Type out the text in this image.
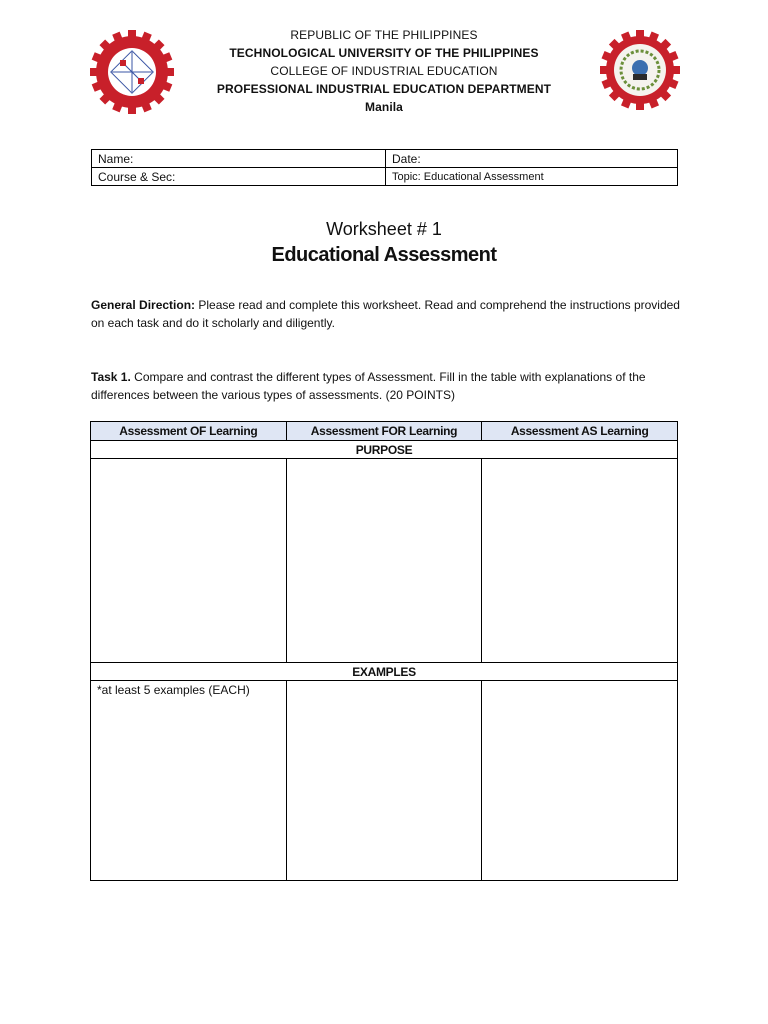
REPUBLIC OF THE PHILIPPINES
TECHNOLOGICAL UNIVERSITY OF THE PHILIPPINES
COLLEGE OF INDUSTRIAL EDUCATION
PROFESSIONAL INDUSTRIAL EDUCATION DEPARTMENT
Manila
Name:	Date:
Course & Sec:	Topic: Educational Assessment
Worksheet # 1
Educational Assessment
General Direction: Please read and complete this worksheet. Read and comprehend the instructions provided on each task and do it scholarly and diligently.
Task 1. Compare and contrast the different types of Assessment. Fill in the table with explanations of the differences between the various types of assessments. (20 POINTS)
Assessment OF Learning	Assessment FOR Learning	Assessment AS Learning
PURPOSE		

EXAMPLES		
*at least 5 examples (EACH)		
